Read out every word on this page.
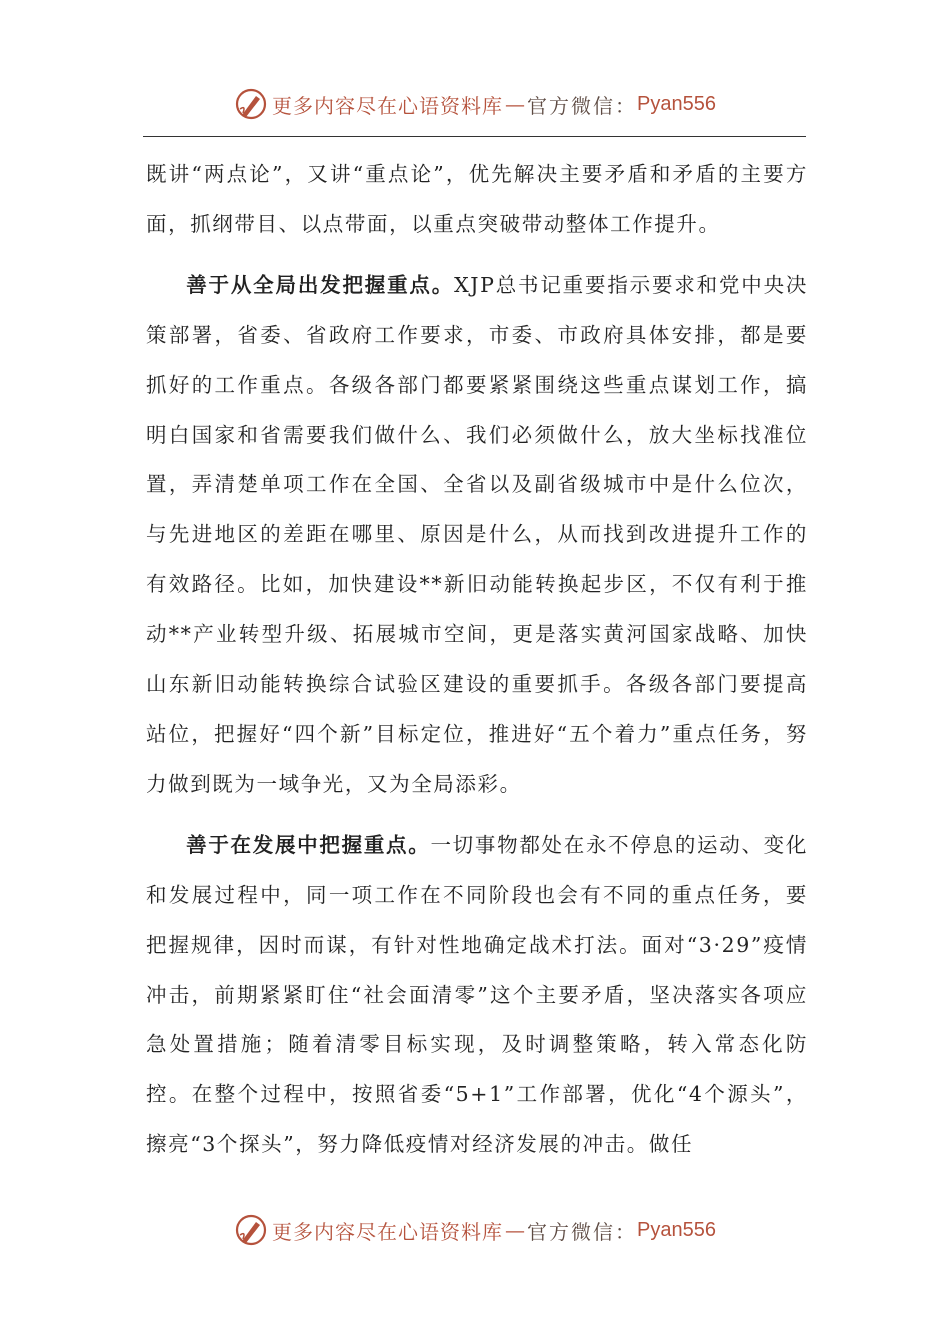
更多内容尽在心语资料库 — 官方微信： Pyan556

既讲“两点论”，又讲“重点论”，优先解决主要矛盾和矛盾的主要方面，抓纲带目、以点带面，以重点突破带动整体工作提升。

善于从全局出发把握重点。XJP总书记重要指示要求和党中央决策部署，省委、省政府工作要求，市委、市政府具体安排，都是要抓好的工作重点。各级各部门都要紧紧围绕这些重点谋划工作，搞明白国家和省需要我们做什么、我们必须做什么，放大坐标找准位置，弄清楚单项工作在全国、全省以及副省级城市中是什么位次，与先进地区的差距在哪里、原因是什么，从而找到改进提升工作的有效路径。比如，加快建设**新旧动能转换起步区，不仅有利于推动**产业转型升级、拓展城市空间，更是落实黄河国家战略、加快山东新旧动能转换综合试验区建设的重要抓手。各级各部门要提高站位，把握好“四个新”目标定位，推进好“五个着力”重点任务，努力做到既为一域争光，又为全局添彩。

善于在发展中把握重点。一切事物都处在永不停息的运动、变化和发展过程中，同一项工作在不同阶段也会有不同的重点任务，要把握规律，因时而谋，有针对性地确定战术打法。面对“3·29”疫情冲击，前期紧紧盯住“社会面清零”这个主要矛盾，坚决落实各项应急处置措施；随着清零目标实现，及时调整策略，转入常态化防控。在整个过程中，按照省委“5+1”工作部署，优化“4个源头”，擦亮“3个探头”，努力降低疫情对经济发展的冲击。做任

更多内容尽在心语资料库 — 官方微信： Pyan556
